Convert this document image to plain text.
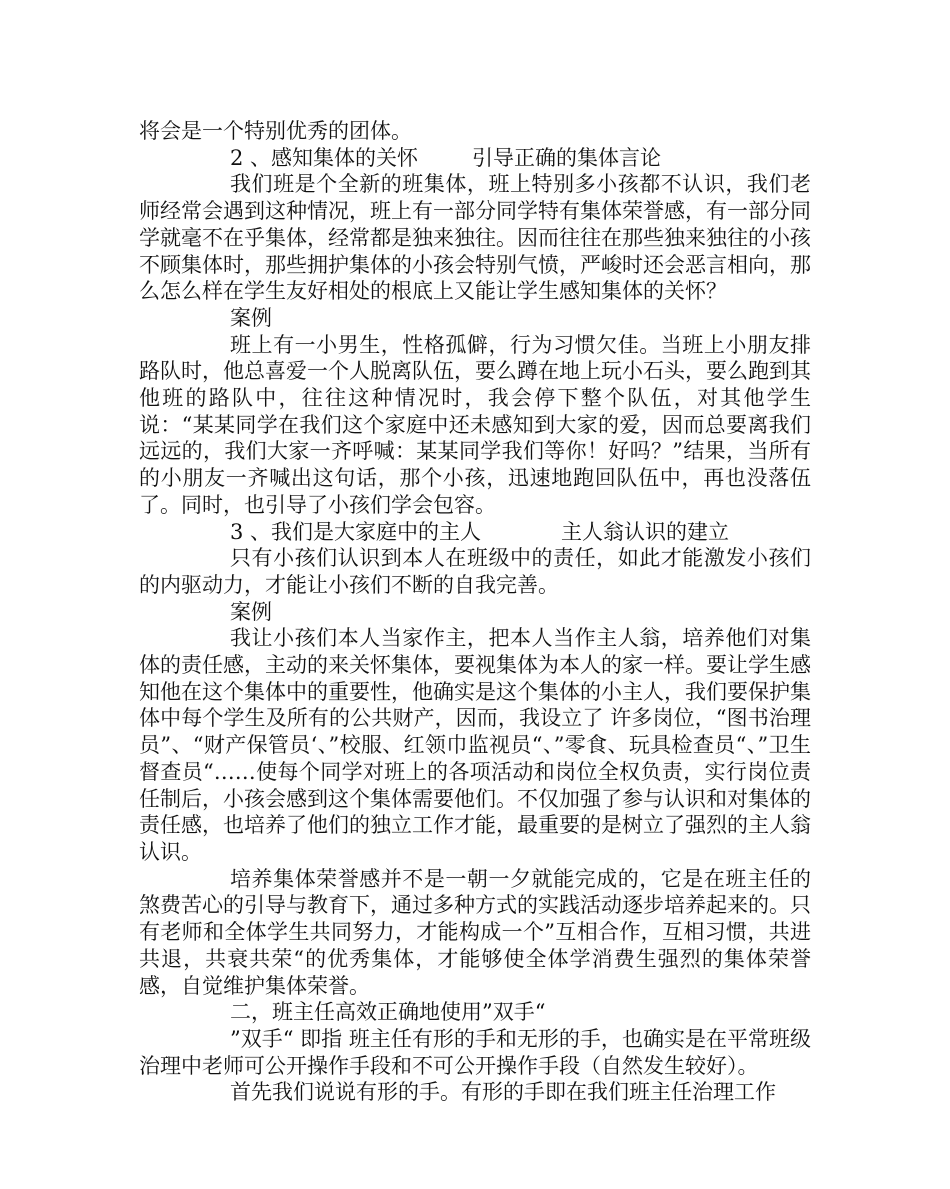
将会是一个特别优秀的团体。

2 、感知集体的关怀	引导正确的集体言论

我们班是个全新的班集体，班上特别多小孩都不认识，我们老师经常会遇到这种情况，班上有一部分同学特有集体荣誉感，有一部分同学就毫不在乎集体，经常都是独来独往。因而往往在那些独来独往的小孩不顾集体时，那些拥护集体的小孩会特别气愤，严峻时还会恶言相向，那么怎么样在学生友好相处的根底上又能让学生感知集体的关怀？

案例

班上有一小男生，性格孤僻，行为习惯欠佳。当班上小朋友排路队时，他总喜爱一个人脱离队伍，要么蹲在地上玩小石头，要么跑到其他班的路队中，往往这种情况时，我会停下整个队伍，对其他学生说：“某某同学在我们这个家庭中还未感知到大家的爱，因而总要离我们远远的，我们大家一齐呼喊：某某同学我们等你！好吗？”结果，当所有的小朋友一齐喊出这句话，那个小孩，迅速地跑回队伍中，再也没落伍了。同时，也引导了小孩们学会包容。

3 、我们是大家庭中的主人	主人翁认识的建立

只有小孩们认识到本人在班级中的责任，如此才能激发小孩们的内驱动力，才能让小孩们不断的自我完善。

案例

我让小孩们本人当家作主，把本人当作主人翁，培养他们对集体的责任感，主动的来关怀集体，要视集体为本人的家一样。要让学生感知他在这个集体中的重要性，他确实是这个集体的小主人，我们要保护集体中每个学生及所有的公共财产，因而，我设立了 许多岗位，“图书治理员”、“财产保管员‘、”校服、红领巾监视员“、”零食、玩具检查员“、”卫生督查员“……使每个同学对班上的各项活动和岗位全权负责，实行岗位责任制后，小孩会感到这个集体需要他们。不仅加强了参与认识和对集体的责任感，也培养了他们的独立工作才能，最重要的是树立了强烈的主人翁认识。

培养集体荣誉感并不是一朝一夕就能完成的，它是在班主任的煞费苦心的引导与教育下，通过多种方式的实践活动逐步培养起来的。只有老师和全体学生共同努力，才能构成一个”互相合作，互相习惯，共进共退，共衰共荣“的优秀集体，才能够使全体学消费生强烈的集体荣誉感，自觉维护集体荣誉。

二，班主任高效正确地使用”双手“

”双手“ 即指 班主任有形的手和无形的手，也确实是在平常班级治理中老师可公开操作手段和不可公开操作手段（自然发生较好）。

首先我们说说有形的手。有形的手即在我们班主任治理工作
